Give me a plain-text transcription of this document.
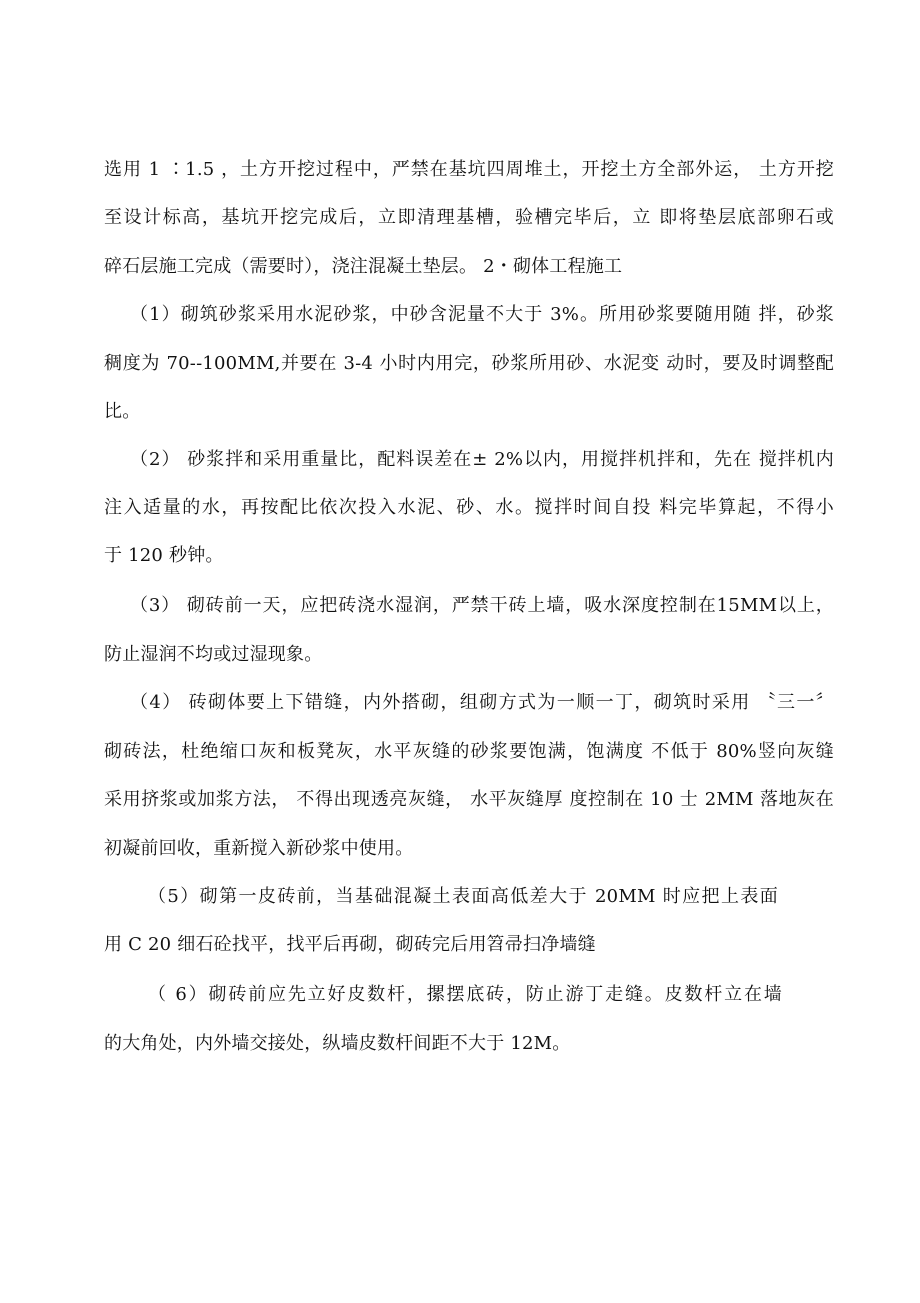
选用 1 ∶1.5 ，土方开挖过程中，严禁在基坑四周堆土，开挖土方全部外运， 土方开挖
至设计标高，基坑开挖完成后，立即清理基槽，验槽完毕后，立 即将垫层底部卵石或
碎石层施工完成（需要时），浇注混凝土垫层。 2・砌体工程施工
（1）砌筑砂浆采用水泥砂浆，中砂含泥量不大于 3%。所用砂浆要随用随 拌，砂浆
稠度为 70--100MM,并要在 3-4 小时内用完，砂浆所用砂、水泥变 动时，要及时调整配
比。
（2） 砂浆拌和采用重量比，配料误差在± 2%以内，用搅拌机拌和，先在 搅拌机内
注入适量的水，再按配比依次投入水泥、砂、水。搅拌时间自投 料完毕算起，不得小
于 120 秒钟。
（3） 砌砖前一天，应把砖浇水湿润，严禁干砖上墙，吸水深度控制在15MM以上，
防止湿润不均或过湿现象。
（4） 砖砌体要上下错缝，内外搭砌，组砌方式为一顺一丁，砌筑时采用 〝三一〞
砌砖法，杜绝缩口灰和板凳灰，水平灰缝的砂浆要饱满，饱满度 不低于 80%竖向灰缝
采用挤浆或加浆方法， 不得出现透亮灰缝， 水平灰缝厚 度控制在 10 士 2MM 落地灰在
初凝前回收，重新搅入新砂浆中使用。
（5）砌第一皮砖前，当基础混凝土表面高低差大于 20MM 时应把上表面
用 C 20 细石砼找平，找平后再砌，砌砖完后用笤帚扫净墙缝
（ 6）砌砖前应先立好皮数杆，摞摆底砖，防止游丁走缝。皮数杆立在墙
的大角处，内外墙交接处，纵墙皮数杆间距不大于 12M。
